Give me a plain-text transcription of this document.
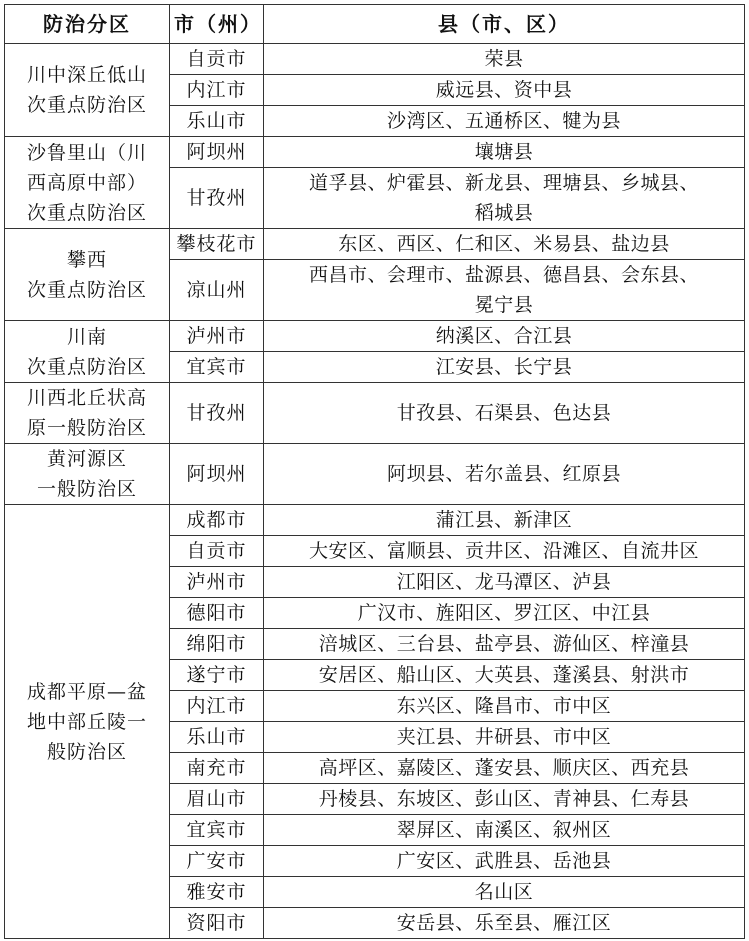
防治分区	市（州）	县（市、区）

川中深丘低山
次重点防治区	自贡市	荣县

	内江市	威远县、资中县

	乐山市	沙湾区、五通桥区、犍为县

沙鲁里山（川
西高原中部）
次重点防治区	阿坝州	壤塘县

	甘孜州	道孚县、炉霍县、新龙县、理塘县、乡城县、
稻城县

攀西
次重点防治区	攀枝花市	东区、西区、仁和区、米易县、盐边县

	凉山州	西昌市、会理市、盐源县、德昌县、会东县、
冕宁县

川南
次重点防治区	泸州市	纳溪区、合江县

	宜宾市	江安县、长宁县

川西北丘状高
原一般防治区	甘孜州	甘孜县、石渠县、色达县

黄河源区
一般防治区	阿坝州	阿坝县、若尔盖县、红原县

成都平原—盆
地中部丘陵一
般防治区	成都市	蒲江县、新津区

	自贡市	大安区、富顺县、贡井区、沿滩区、自流井区

	泸州市	江阳区、龙马潭区、泸县

	德阳市	广汉市、旌阳区、罗江区、中江县

	绵阳市	涪城区、三台县、盐亭县、游仙区、梓潼县

	遂宁市	安居区、船山区、大英县、蓬溪县、射洪市

	内江市	东兴区、隆昌市、市中区

	乐山市	夹江县、井研县、市中区

	南充市	高坪区、嘉陵区、蓬安县、顺庆区、西充县

	眉山市	丹棱县、东坡区、彭山区、青神县、仁寿县

	宜宾市	翠屏区、南溪区、叙州区

	广安市	广安区、武胜县、岳池县

	雅安市	名山区

	资阳市	安岳县、乐至县、雁江区
